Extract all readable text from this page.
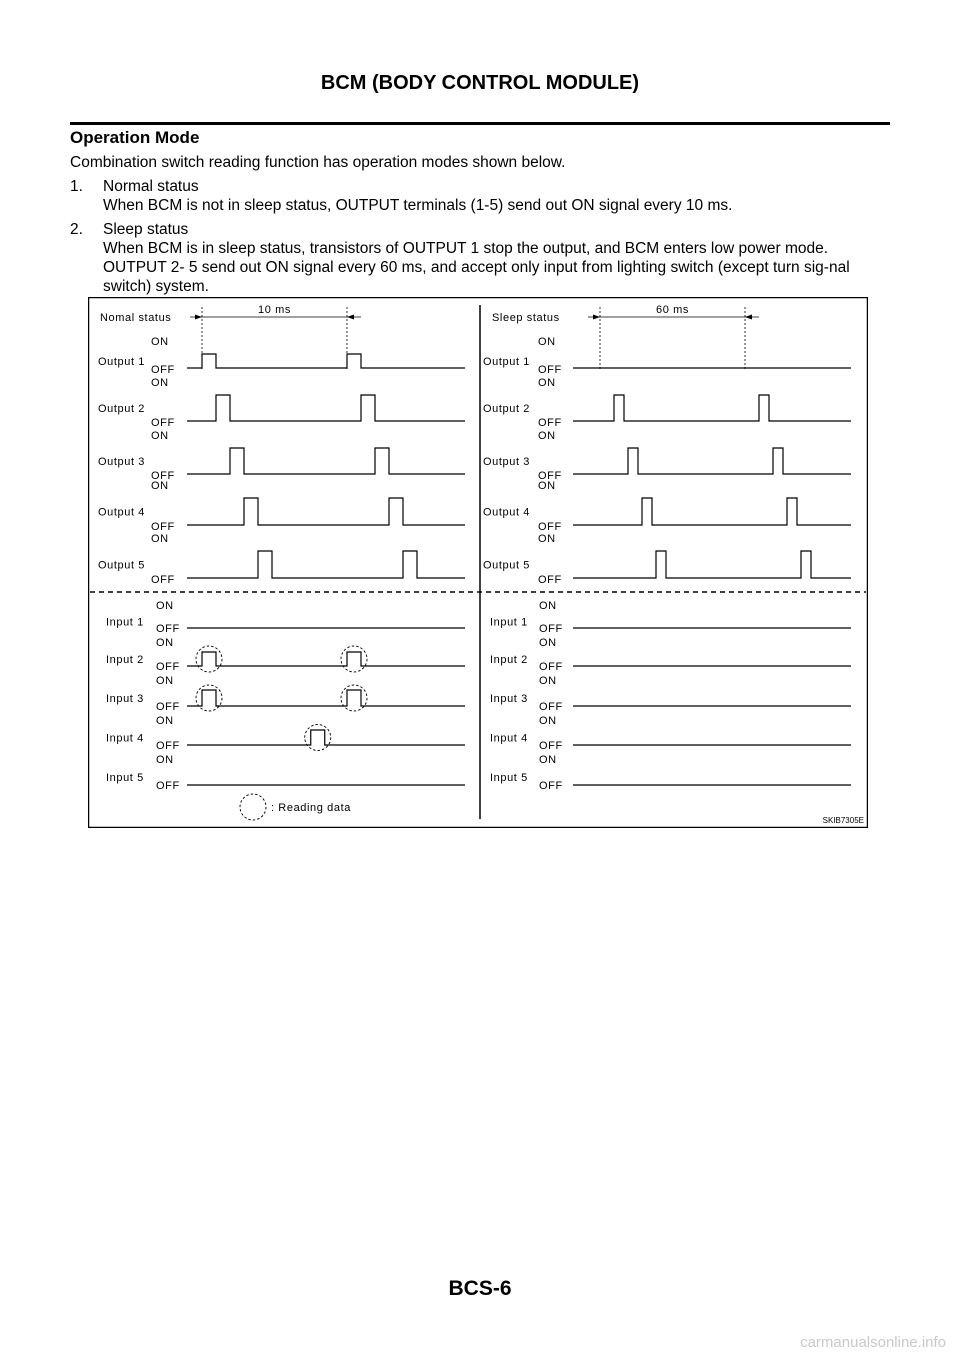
BCM (BODY CONTROL MODULE)
Operation Mode
Combination switch reading function has operation modes shown below.
1. Normal status
When BCM is not in sleep status, OUTPUT terminals (1-5) send out ON signal every 10 ms.
2. Sleep status
When BCM is in sleep status, transistors of OUTPUT 1 stop the output, and BCM enters low power mode. OUTPUT 2- 5 send out ON signal every 60 ms, and accept only input from lighting switch (except turn sig-nal switch) system.
Nomal status
10 ms
Output 1
ON
OFF
Output 2
ON
OFF
Output 3
ON
OFF
Output 4
ON
OFF
Output 5
ON
OFF
Input 1
ON
OFF
Input 2
ON
OFF
Input 3
ON
OFF
Input 4
ON
OFF
Input 5
ON
OFF
Sleep status
60 ms
Output 1
ON
OFF
Output 2
ON
OFF
Output 3
ON
OFF
Output 4
ON
OFF
Output 5
ON
OFF
Input 1
ON
OFF
Input 2
ON
OFF
Input 3
ON
OFF
Input 4
ON
OFF
Input 5
ON
OFF
: Reading data
SKIB7305E
BCS-6
carmanualsonline.info
